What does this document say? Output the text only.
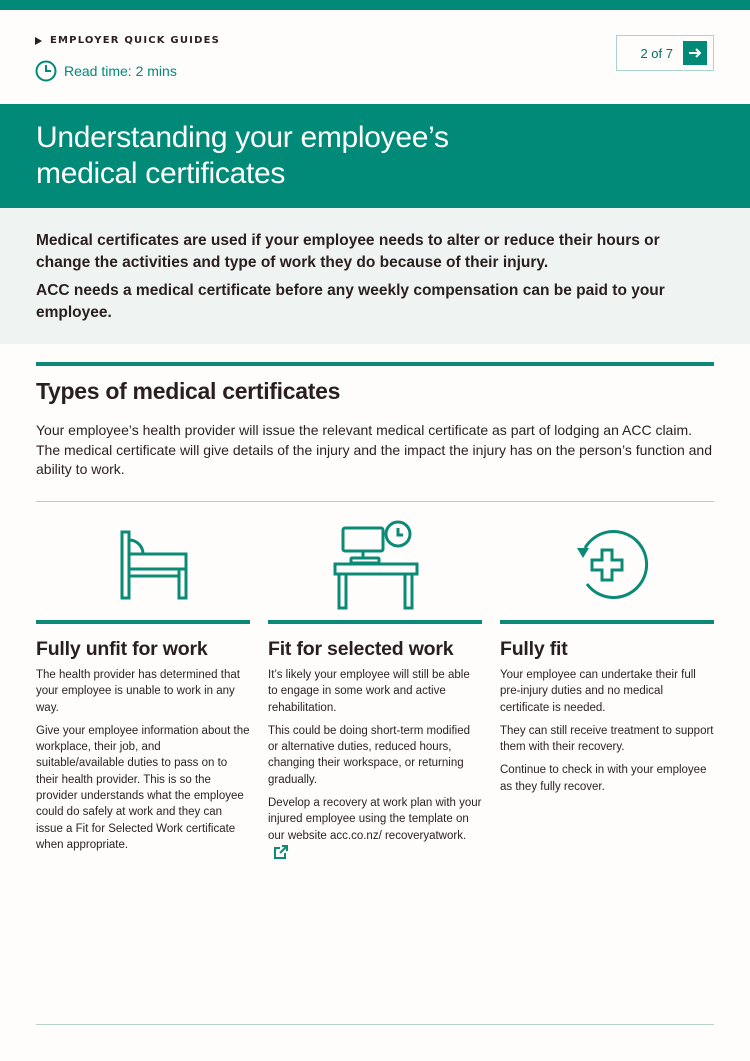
EMPLOYER QUICK GUIDES
Read time: 2 mins
2 of 7
Understanding your employee’s
medical certificates

Medical certificates are used if your employee needs to alter or reduce their hours or change the activities and type of work they do because of their injury.

ACC needs a medical certificate before any weekly compensation can be paid to your employee.

Types of medical certificates

Your employee’s health provider will issue the relevant medical certificate as part of lodging an ACC claim. The medical certificate will give details of the injury and the impact the injury has on the person’s function and ability to work.

Fully unfit for work

The health provider has determined that your employee is unable to work in any way.

Give your employee information about the workplace, their job, and suitable/available duties to pass on to their health provider. This is so the provider understands what the employee could do safely at work and they can issue a Fit for Selected Work certificate when appropriate.

Fit for selected work

It’s likely your employee will still be able to engage in some work and active rehabilitation.

This could be doing short-term modified or alternative duties, reduced hours, changing their workspace, or returning gradually.

Develop a recovery at work plan with your injured employee using the template on our website acc.co.nz/ recoveryatwork.

Fully fit

Your employee can undertake their full pre-injury duties and no medical certificate is needed.

They can still receive treatment to support them with their recovery.

Continue to check in with your employee as they fully recover.
